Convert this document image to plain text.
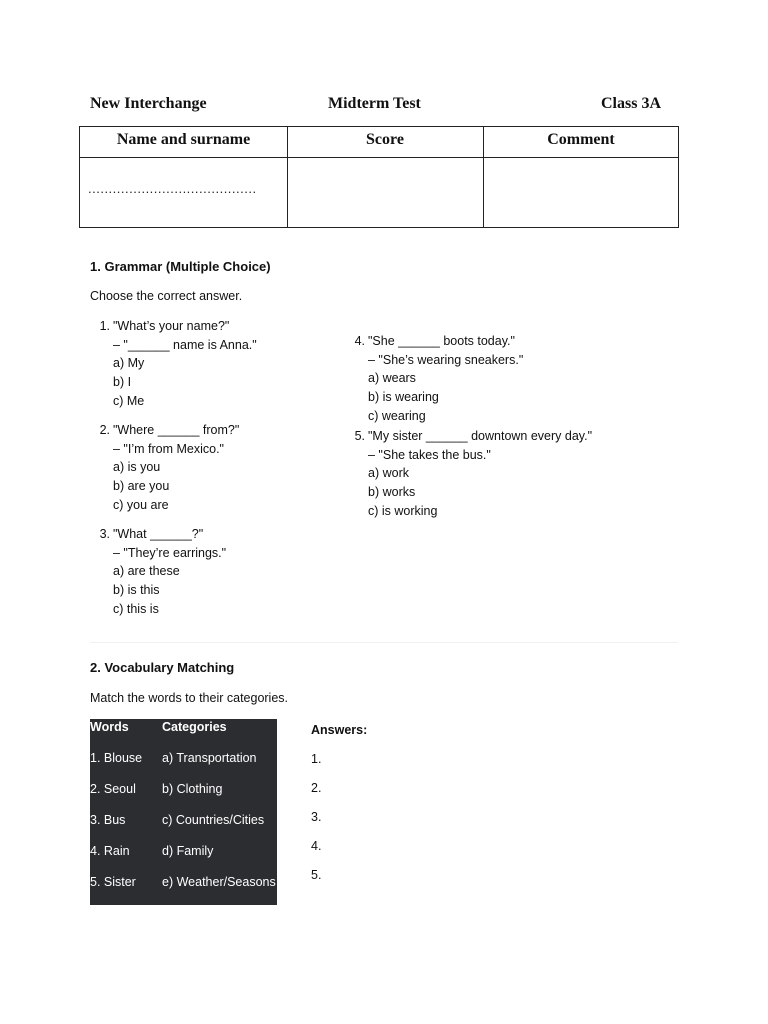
New Interchange	Midterm Test	Class 3A
Name and surname	Score	Comment
.........................................
1. Grammar (Multiple Choice)
Choose the correct answer.
1. "What’s your name?"
– "______ name is Anna."
a) My
b) I
c) Me
2. "Where ______ from?"
– "I’m from Mexico."
a) is you
b) are you
c) you are
3. "What ______?"
– "They’re earrings."
a) are these
b) is this
c) this is
4. "She ______ boots today."
– "She’s wearing sneakers."
a) wears
b) is wearing
c) wearing
5. "My sister ______ downtown every day."
– "She takes the bus."
a) work
b) works
c) is working
2. Vocabulary Matching
Match the words to their categories.
Words	Categories
1. Blouse a) Transportation
2. Seoul b) Clothing
3. Bus	c) Countries/Cities
4. Rain	d) Family
5. Sister e) Weather/Seasons
Answers:
1.
2.
3.
4.
5.
